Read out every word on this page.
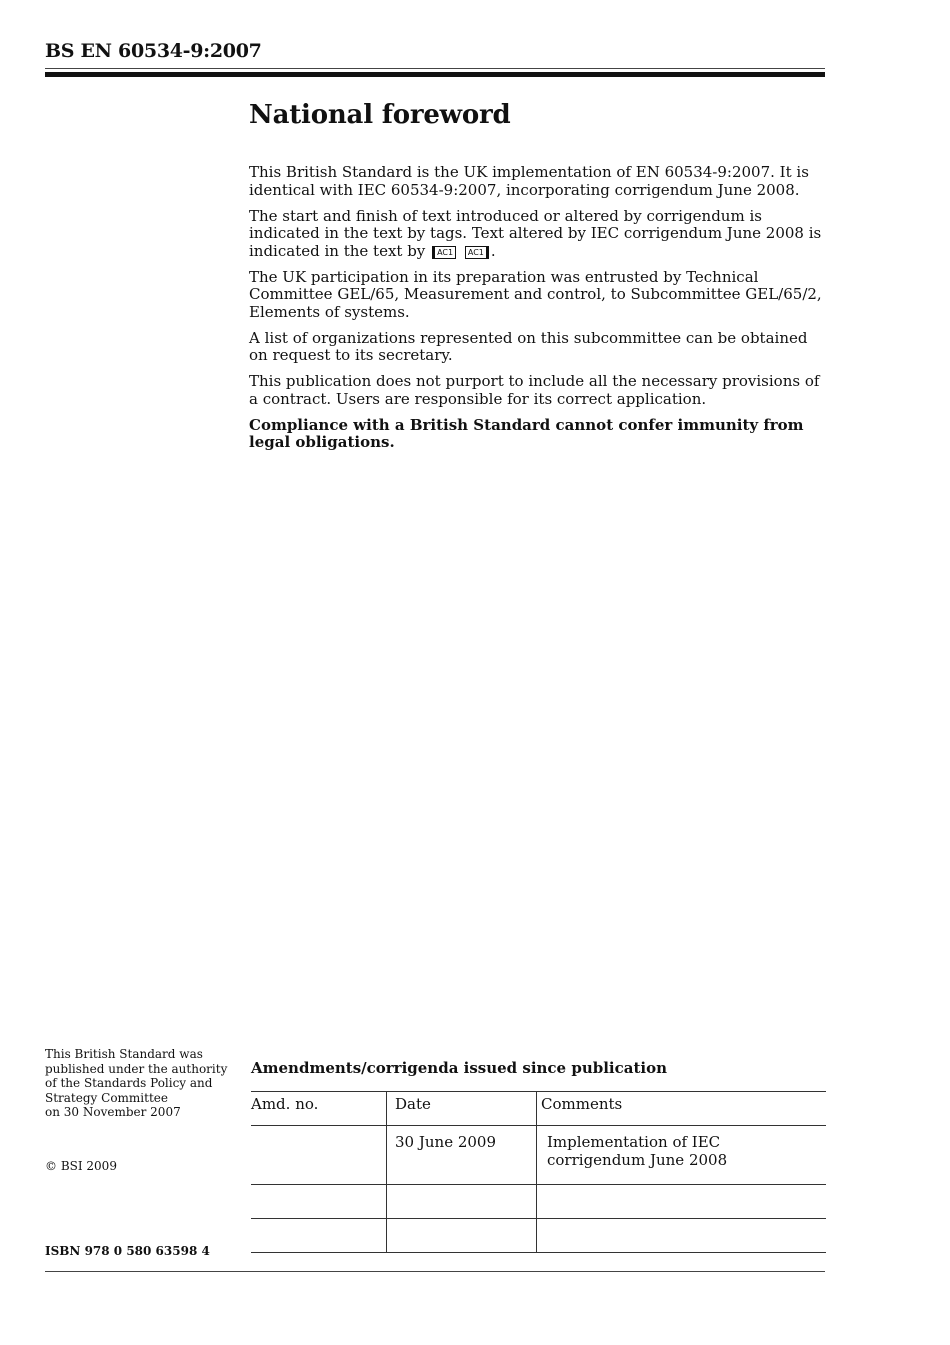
BS EN 60534-9:2007
National foreword

This British Standard is the UK implementation of EN 60534-9:2007. It is identical with IEC 60534-9:2007, incorporating corrigendum June 2008.

The start and finish of text introduced or altered by corrigendum is indicated in the text by tags. Text altered by IEC corrigendum June 2008 is indicated in the text by AC1 AC1 .

The UK participation in its preparation was entrusted by Technical Committee GEL/65, Measurement and control, to Subcommittee GEL/65/2, Elements of systems.

A list of organizations represented on this subcommittee can be obtained on request to its secretary.

This publication does not purport to include all the necessary provisions of a contract. Users are responsible for its correct application.

Compliance with a British Standard cannot confer immunity from legal obligations.

This British Standard was

published under the authority

of the Standards Policy and

Strategy Committee

on 30 November 2007

© BSI 2009

ISBN 978 0 580 63598 4

Amendments/corrigenda issued since publication
Amd. no.	Date	Comments
	30 June 2009	Implementation of IEC
corrigendum June 2008
